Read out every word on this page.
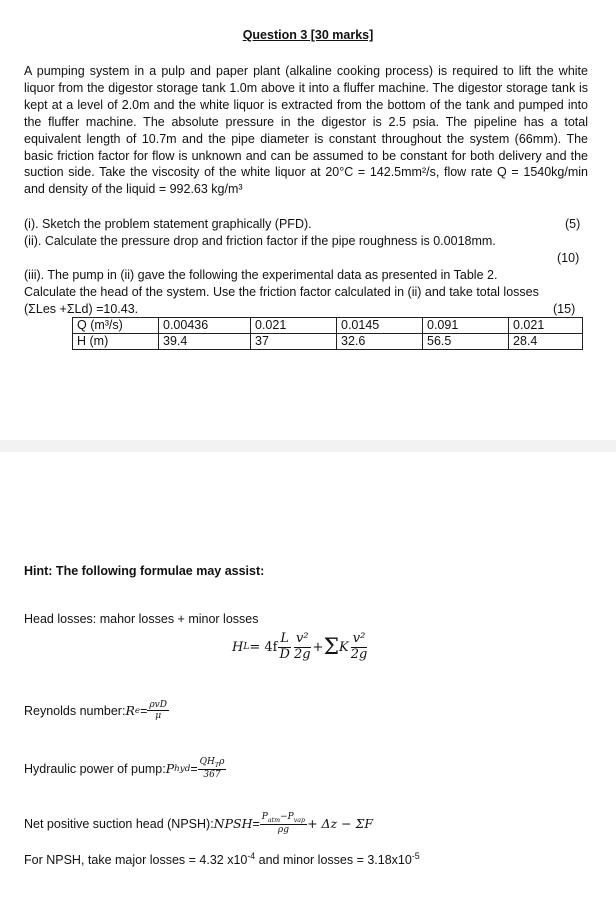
Question 3 [30 marks]
A pumping system in a pulp and paper plant (alkaline cooking process) is required to lift the white liquor from the digestor storage tank 1.0m above it into a fluffer machine. The digestor storage tank is kept at a level of 2.0m and the white liquor is extracted from the bottom of the tank and pumped into the fluffer machine. The absolute pressure in the digestor is 2.5 psia. The pipeline has a total equivalent length of 10.7m and the pipe diameter is constant throughout the system (66mm). The basic friction factor for flow is unknown and can be assumed to be constant for both delivery and the suction side. Take the viscosity of the white liquor at 20°C = 142.5mm²/s, flow rate Q = 1540kg/min and density of the liquid = 992.63 kg/m³
(i). Sketch the problem statement graphically (PFD).	(5)
(ii). Calculate the pressure drop and friction factor if the pipe roughness is 0.0018mm.
(10)
(iii). The pump in (ii) gave the following the experimental data as presented in Table 2.
Calculate the head of the system. Use the friction factor calculated in (ii) and take total losses
(ΣLes +ΣLd) =10.43.	(15)
Q (m³/s)	0.00436	0.021	0.0145	0.091	0.021
H (m)	39.4	37	32.6	56.5	28.4
Hint: The following formulae may assist:
Head losses: mahor losses + minor losses
H $L = 4f \frac{L}{D} \frac{\text{v²}}{2g} + \Sigma$ K $\frac{\text{v²}}{2g}$
Reynolds number: R $e = \frac{\text{ρvD}}{\mu}$
Hydraulic power of pump: P hyd = $\frac{QH_T\rho}{367}$
Net positive suction head (NPSH): NPSH = $\frac{P_{atm}-P_{vap}}{\rho g} + \Delta z - \Sigma F$
For NPSH, take major losses = 4.32 $x10^{-4}$ and minor losses = $3.18x10^{-5}$
